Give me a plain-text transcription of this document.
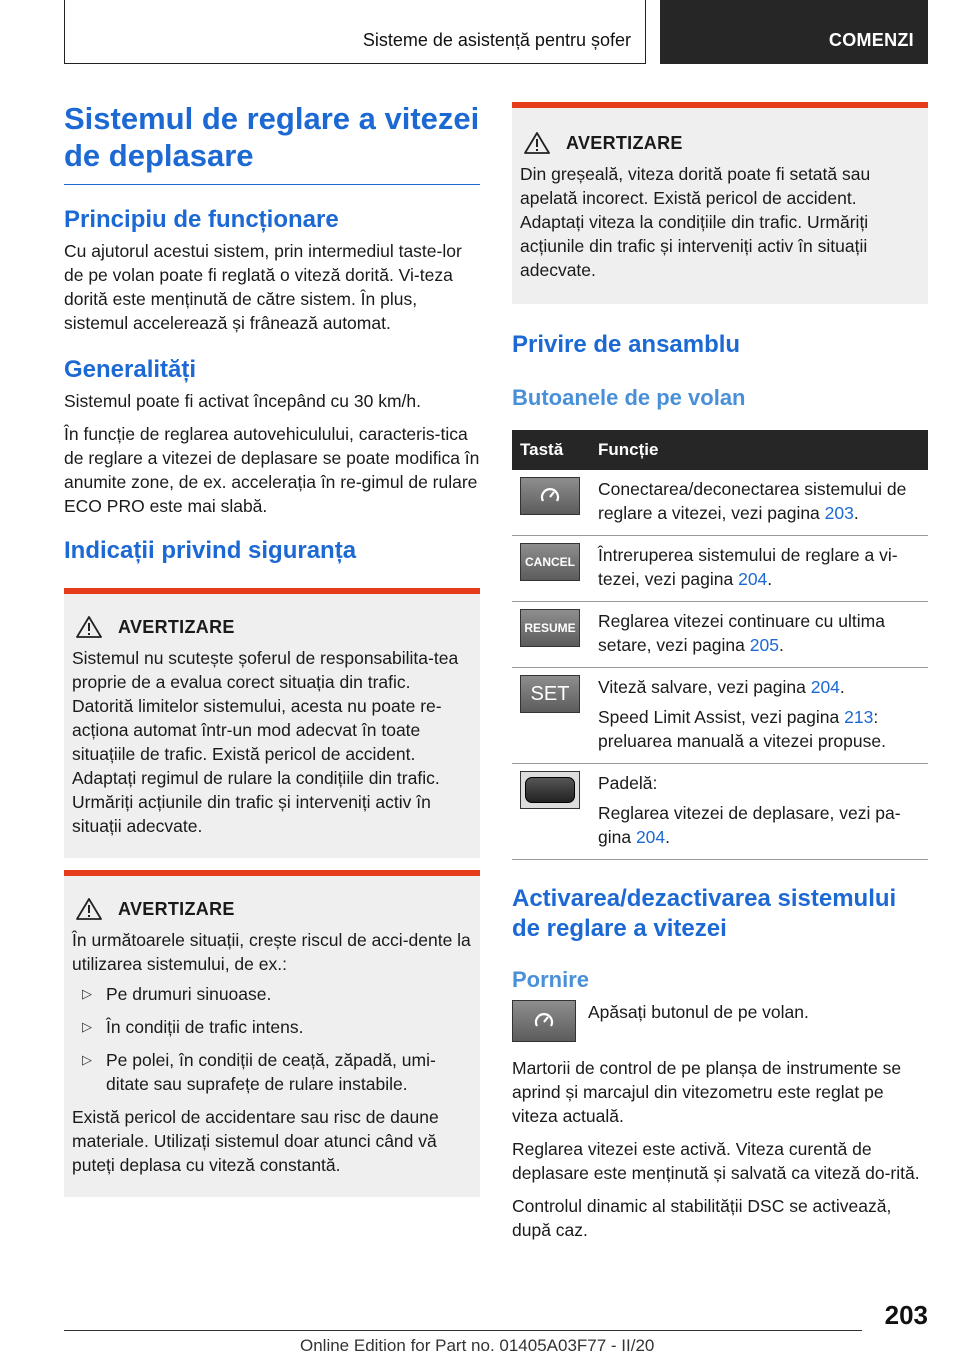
Sisteme de asistență pentru șofer	COMENZI
Sistemul de reglare a vitezei de deplasare
Principiu de funcționare

Cu ajutorul acestui sistem, prin intermediul taste-lor de pe volan poate fi reglată o viteză dorită. Vi-teza dorită este menținută de către sistem. În plus, sistemul accelerează și frânează automat.

Generalități

Sistemul poate fi activat începând cu 30 km/h.

În funcție de reglarea autovehiculului, caracteris-tica de reglare a vitezei de deplasare se poate modifica în anumite zone, de ex. accelerația în re-gimul de rulare ECO PRO este mai slabă.

Indicații privind siguranța
AVERTIZARE

Sistemul nu scutește șoferul de responsabilita-tea proprie de a evalua corect situația din trafic. Datorită limitelor sistemului, acesta nu poate re-acționa automat într-un mod adecvat în toate situațiile de trafic. Există pericol de accident. Adaptați regimul de rulare la condițiile din trafic. Urmăriți acțiunile din trafic și interveniți activ în situații adecvate.

AVERTIZARE

În următoarele situații, crește riscul de acci-dente la utilizarea sistemului, de ex.:

▷ Pe drumuri sinuoase.
▷ În condiții de trafic intens.
▷ Pe polei, în condiții de ceață, zăpadă, umi-ditate sau suprafețe de rulare instabile.

Există pericol de accidentare sau risc de daune materiale. Utilizați sistemul doar atunci când vă puteți deplasa cu viteză constantă.

AVERTIZARE

Din greșeală, viteza dorită poate fi setată sau apelată incorect. Există pericol de accident. Adaptați viteza la condițiile din trafic. Urmăriți acțiunile din trafic și interveniți activ în situații adecvate.

Privire de ansamblu
Butoanele de pe volan
Tastă	Funcție

	Conectarea/deconectarea sistemului de reglare a vitezei, vezi pagina 203.

CANCEL	Întreruperea sistemului de reglare a vi-tezei, vezi pagina 204.

RESUME	Reglarea vitezei continuare cu ultima setare, vezi pagina 205.

SET	Viteză salvare, vezi pagina 204.

Speed Limit Assist, vezi pagina 213: preluarea manuală a vitezei propuse.

	Padelă:

Reglarea vitezei de deplasare, vezi pa-gina 204.

Activarea/dezactivarea sistemului de reglare a vitezei
Pornire

Apăsați butonul de pe volan.

Martorii de control de pe planșa de instrumente se aprind și marcajul din vitezometru este reglat pe viteza actuală.

Reglarea vitezei este activă. Viteza curentă de deplasare este menținută și salvată ca viteză do-rită.

Controlul dinamic al stabilității DSC se activează, după caz.

203
Online Edition for Part no. 01405A03F77 - II/20
